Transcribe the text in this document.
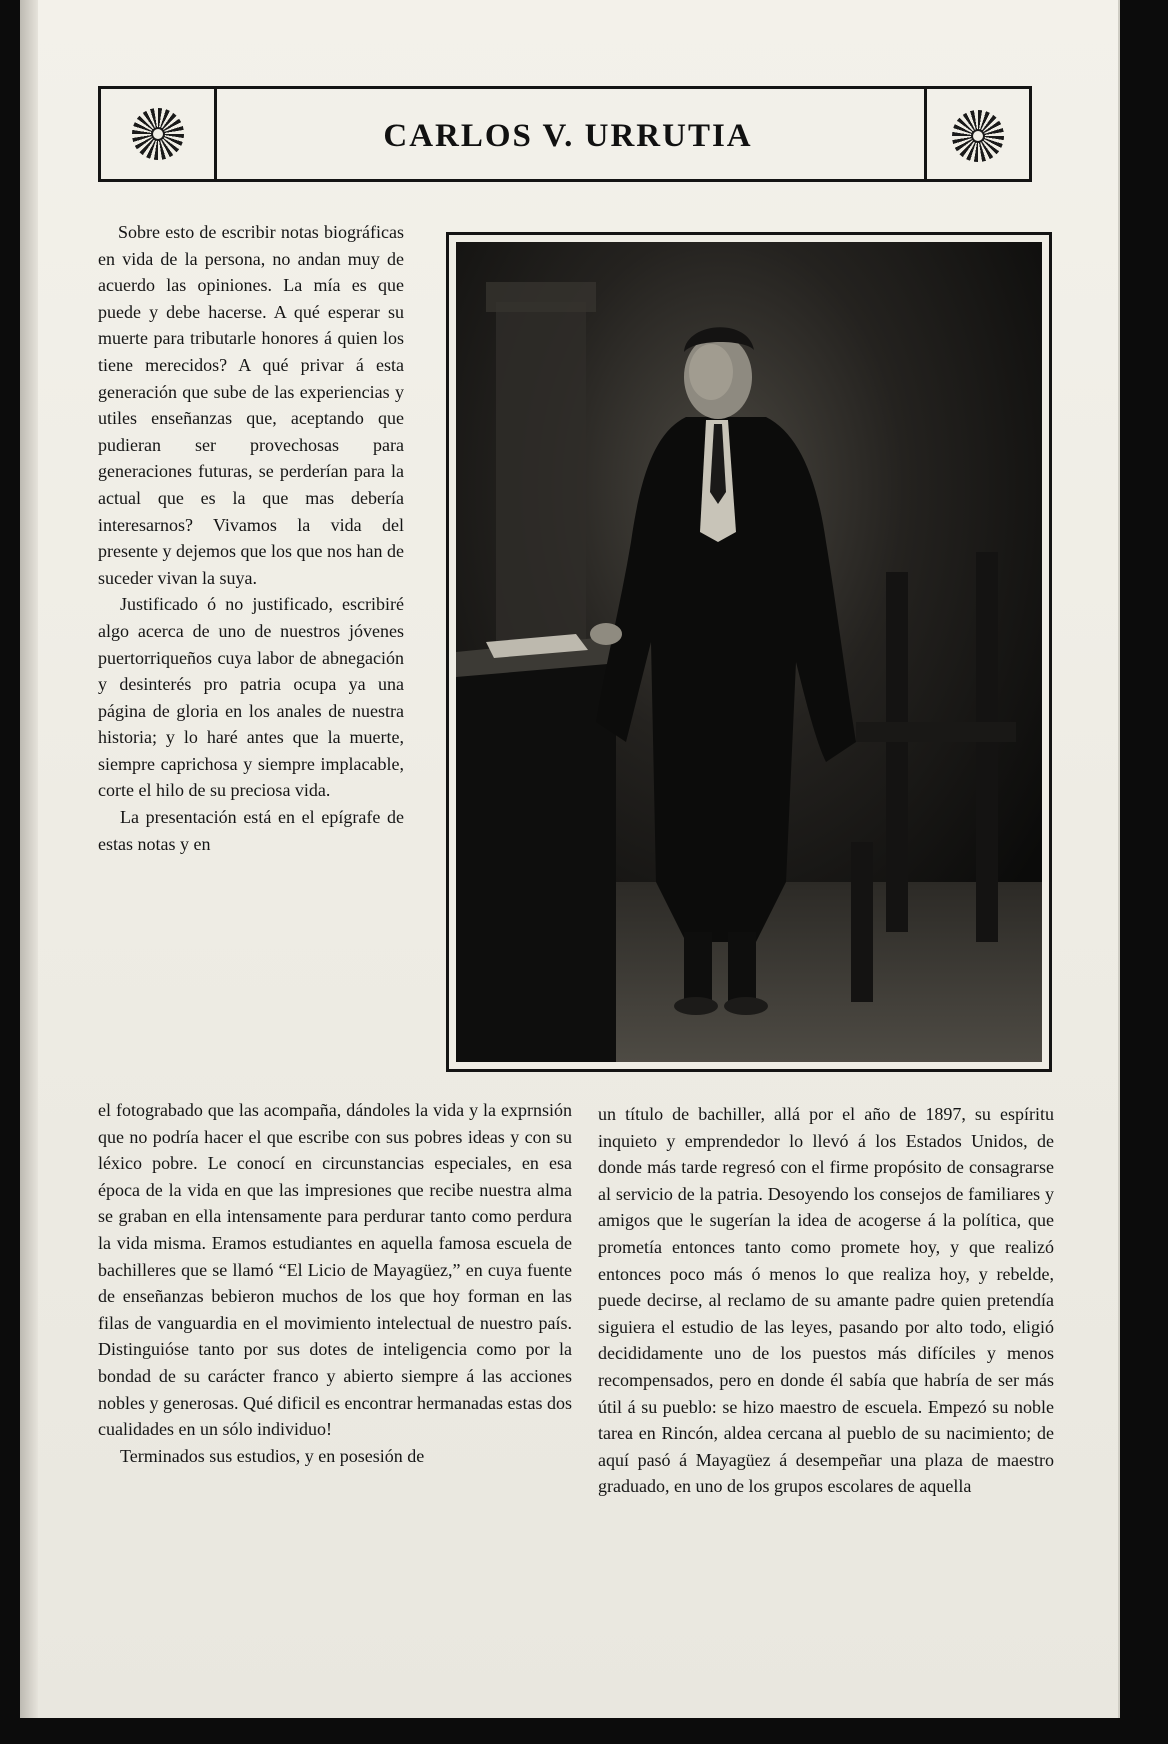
CARLOS V. URRUTIA

Sobre esto de escribir notas biográficas en vida de la persona, no andan muy de acuerdo las opiniones. La mía es que puede y debe hacerse. A qué esperar su muerte para tributarle honores á quien los tiene merecidos? A qué privar á esta generación que sube de las experiencias y utiles enseñanzas que, aceptando que pudieran ser provechosas para generaciones futuras, se perderían para la actual que es la que mas debería interesarnos? Vivamos la vida del presente y dejemos que los que nos han de suceder vivan la suya.

Justificado ó no justificado, escribiré algo acerca de uno de nuestros jóvenes puertorriqueños cuya labor de abnegación y desinterés pro patria ocupa ya una página de gloria en los anales de nuestra historia; y lo haré antes que la muerte, siempre caprichosa y siempre implacable, corte el hilo de su preciosa vida.

La presentación está en el epígrafe de estas notas y en

el fotograbado que las acompaña, dándoles la vida y la exprnsión que no podría hacer el que escribe con sus pobres ideas y con su léxico pobre. Le conocí en circunstancias especiales, en esa época de la vida en que las impresiones que recibe nuestra alma se graban en ella intensamente para perdurar tanto como perdura la vida misma. Eramos estudiantes en aquella famosa escuela de bachilleres que se llamó “El Licio de Mayagüez,” en cuya fuente de enseñanzas bebieron muchos de los que hoy forman en las filas de vanguardia en el movimiento intelectual de nuestro país. Distinguióse tanto por sus dotes de inteligencia como por la bondad de su carácter franco y abierto siempre á las acciones nobles y generosas. Qué dificil es encontrar hermanadas estas dos cualidades en un sólo individuo!

Terminados sus estudios, y en posesión de

un título de bachiller, allá por el año de 1897, su espíritu inquieto y emprendedor lo llevó á los Estados Unidos, de donde más tarde regresó con el firme propósito de consagrarse al servicio de la patria. Desoyendo los consejos de familiares y amigos que le sugerían la idea de acogerse á la política, que prometía entonces tanto como promete hoy, y que realizó entonces poco más ó menos lo que realiza hoy, y rebelde, puede decirse, al reclamo de su amante padre quien pretendía siguiera el estudio de las leyes, pasando por alto todo, eligió decididamente uno de los puestos más difíciles y menos recompensados, pero en donde él sabía que habría de ser más útil á su pueblo: se hizo maestro de escuela. Empezó su noble tarea en Rincón, aldea cercana al pueblo de su nacimiento; de aquí pasó á Mayagüez á desempeñar una plaza de maestro graduado, en uno de los grupos escolares de aquella
